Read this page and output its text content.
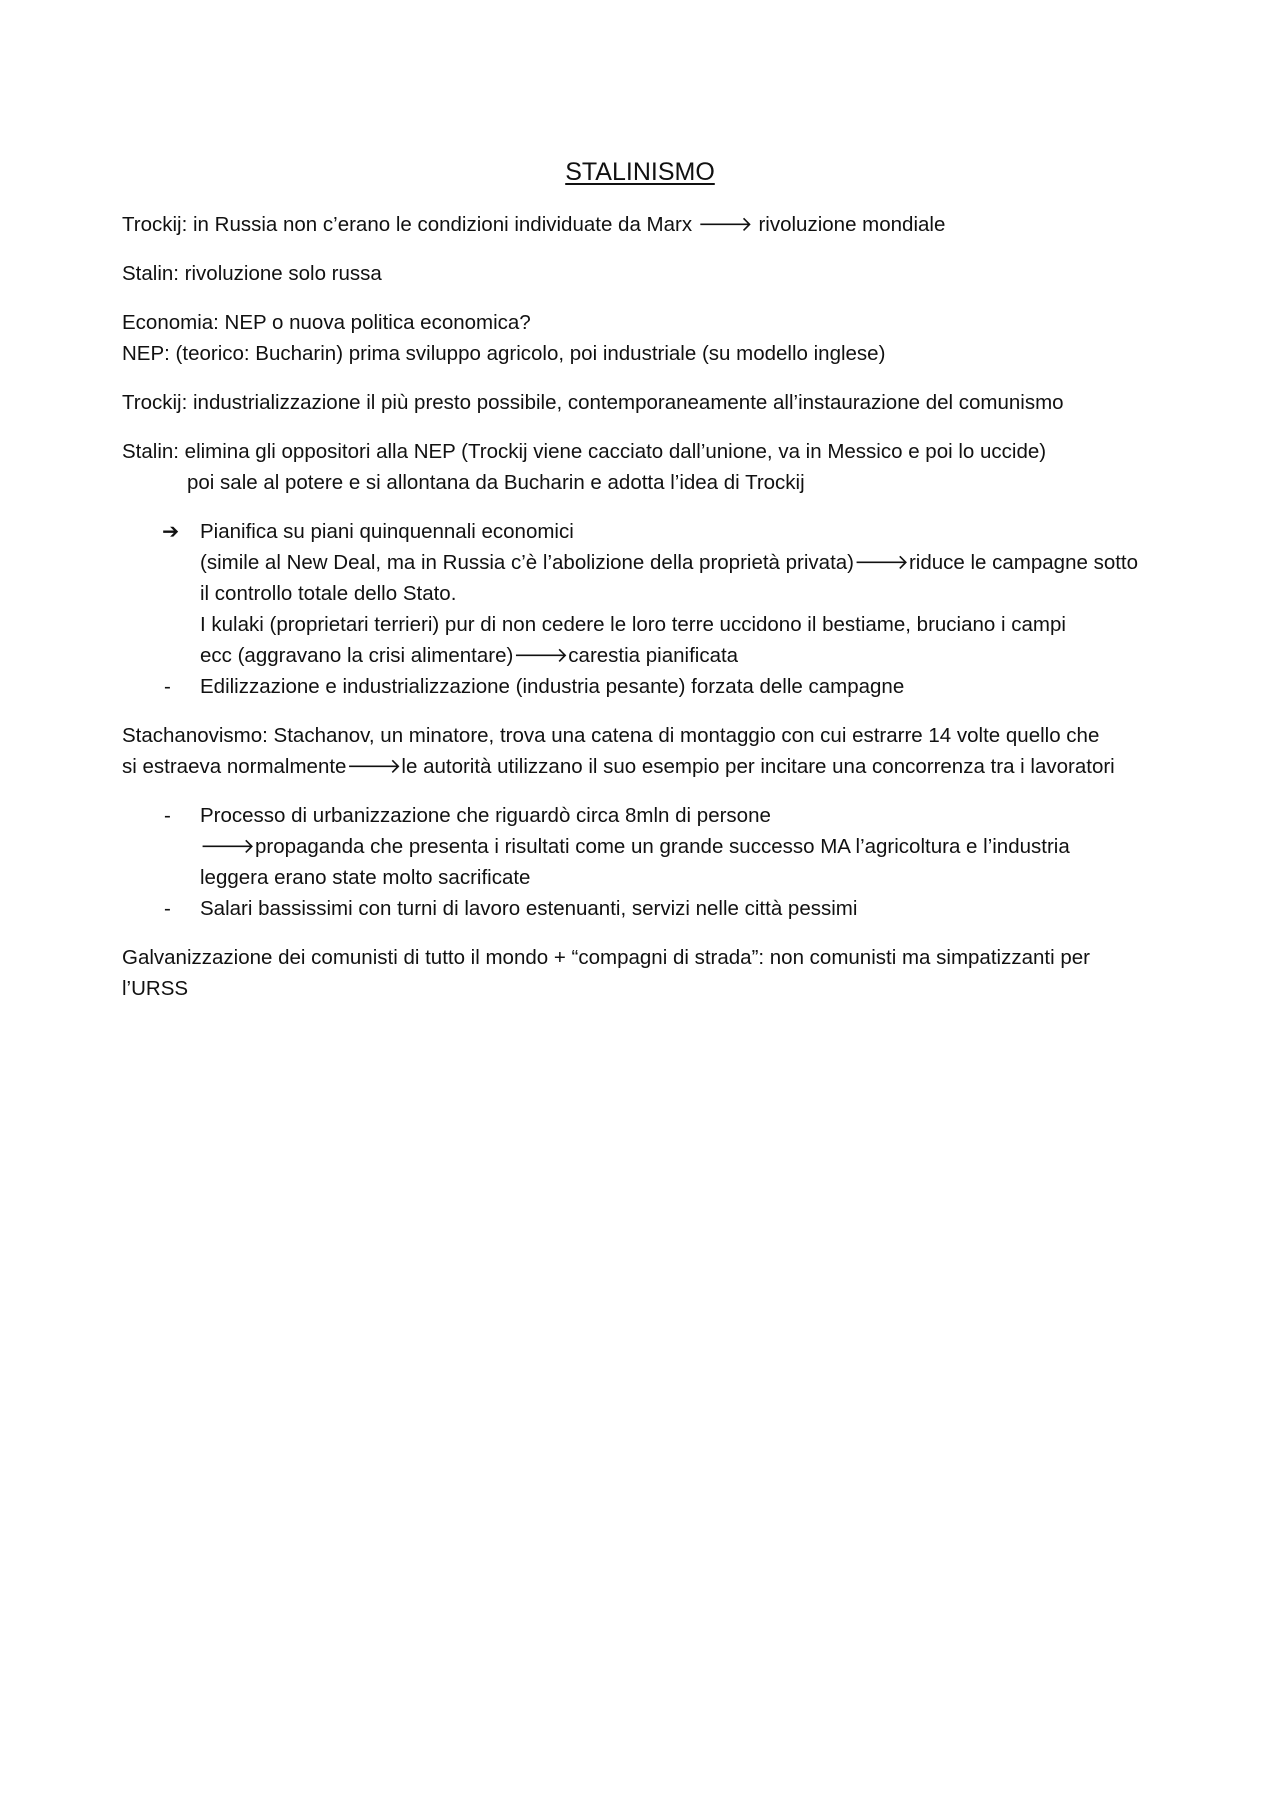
STALINISMO
Trockij: in Russia non c’erano le condizioni individuate da Marx 🡒 rivoluzione mondiale
Stalin: rivoluzione solo russa
Economia: NEP o nuova politica economica?
NEP: (teorico: Bucharin) prima sviluppo agricolo, poi industriale (su modello inglese)
Trockij: industrializzazione il più presto possibile, contemporaneamente all’instaurazione del comunismo
Stalin: elimina gli oppositori alla NEP (Trockij viene cacciato dall’unione, va in Messico e poi lo uccide)
poi sale al potere e si allontana da Bucharin e adotta l’idea di Trockij
➔	Pianifica su piani quinquennali economici
(simile al New Deal, ma in Russia c’è l’abolizione della proprietà privata)🡒riduce le campagne sotto
il controllo totale dello Stato.
I kulaki (proprietari terrieri) pur di non cedere le loro terre uccidono il bestiame, bruciano i campi
ecc (aggravano la crisi alimentare)🡒carestia pianificata
-	Edilizzazione e industrializzazione (industria pesante) forzata delle campagne
Stachanovismo: Stachanov, un minatore, trova una catena di montaggio con cui estrarre 14 volte quello che
si estraeva normalmente🡒le autorità utilizzano il suo esempio per incitare una concorrenza tra i lavoratori
-	Processo di urbanizzazione che riguardò circa 8mln di persone
🡒propaganda che presenta i risultati come un grande successo MA l’agricoltura e l’industria
leggera erano state molto sacrificate
-	Salari bassissimi con turni di lavoro estenuanti, servizi nelle città pessimi
Galvanizzazione dei comunisti di tutto il mondo + “compagni di strada”: non comunisti ma simpatizzanti per
l’URSS
